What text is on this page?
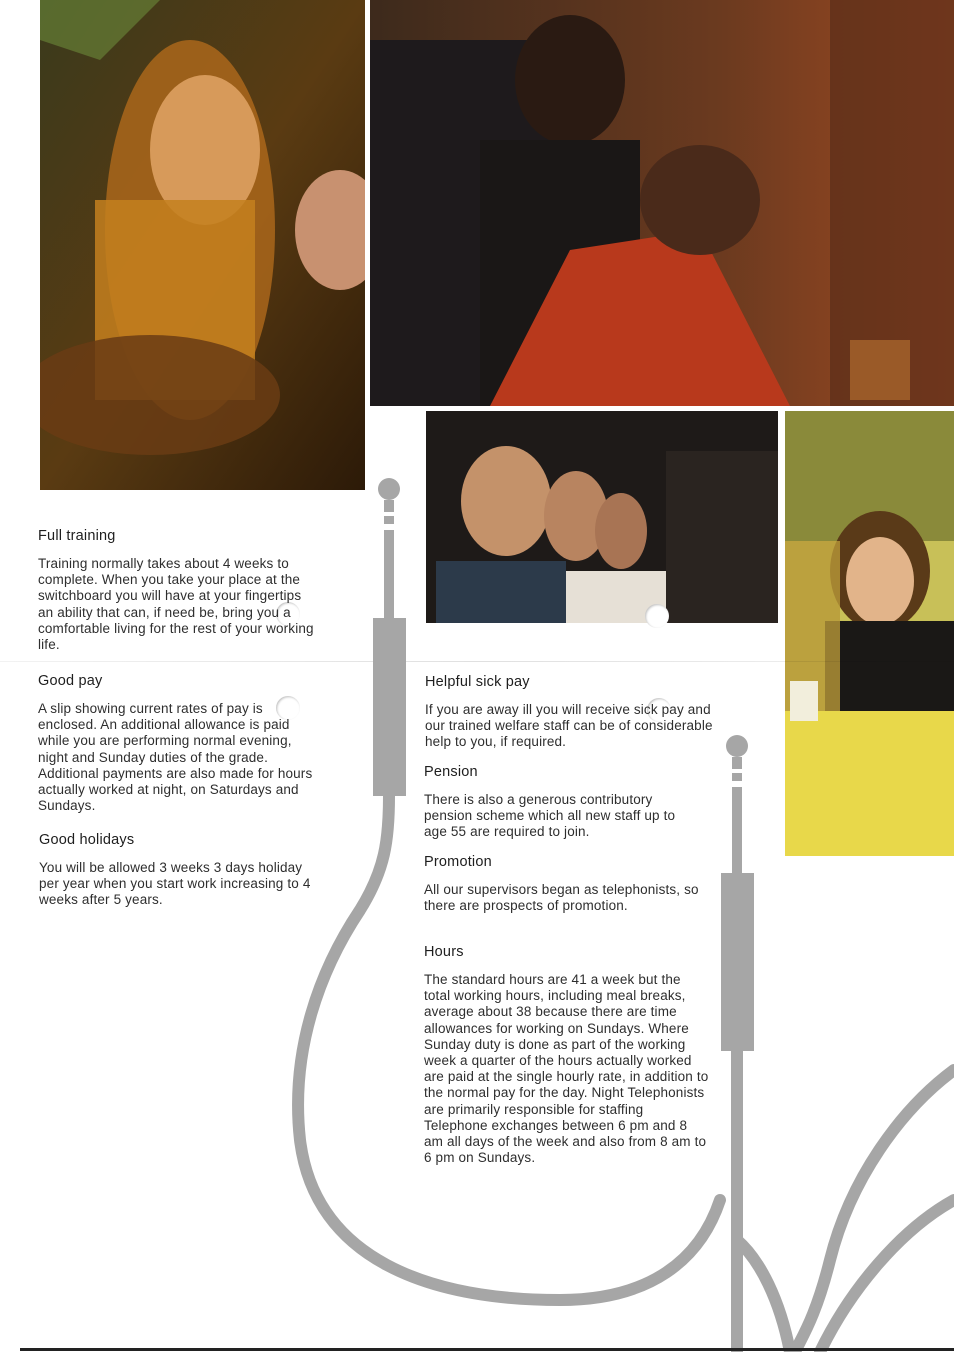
Full training

Training normally takes about 4 weeks to complete. When you take your place at the switchboard you will have at your fingertips an ability that can, if need be, bring you a comfortable living for the rest of your working life.

Good pay

A slip showing current rates of pay is enclosed. An additional allowance is paid while you are performing normal evening, night and Sunday duties of the grade. Additional payments are also made for hours actually worked at night, on Saturdays and Sundays.

Good holidays

You will be allowed 3 weeks 3 days holiday per year when you start work increasing to 4 weeks after 5 years.

Helpful sick pay

If you are away ill you will receive sick pay and our trained welfare staff can be of considerable help to you, if required.

Pension

There is also a generous contributory pension scheme which all new staff up to age 55 are required to join.

Promotion

All our supervisors began as telephonists, so there are prospects of promotion.

Hours

The standard hours are 41 a week but the total working hours, including meal breaks, average about 38 because there are time allowances for working on Sundays. Where Sunday duty is done as part of the working week a quarter of the hours actually worked are paid at the single hourly rate, in addition to the normal pay for the day. Night Telephonists are primarily responsible for staffing Telephone exchanges between 6 pm and 8 am all days of the week and also from 8 am to 6 pm on Sundays.
